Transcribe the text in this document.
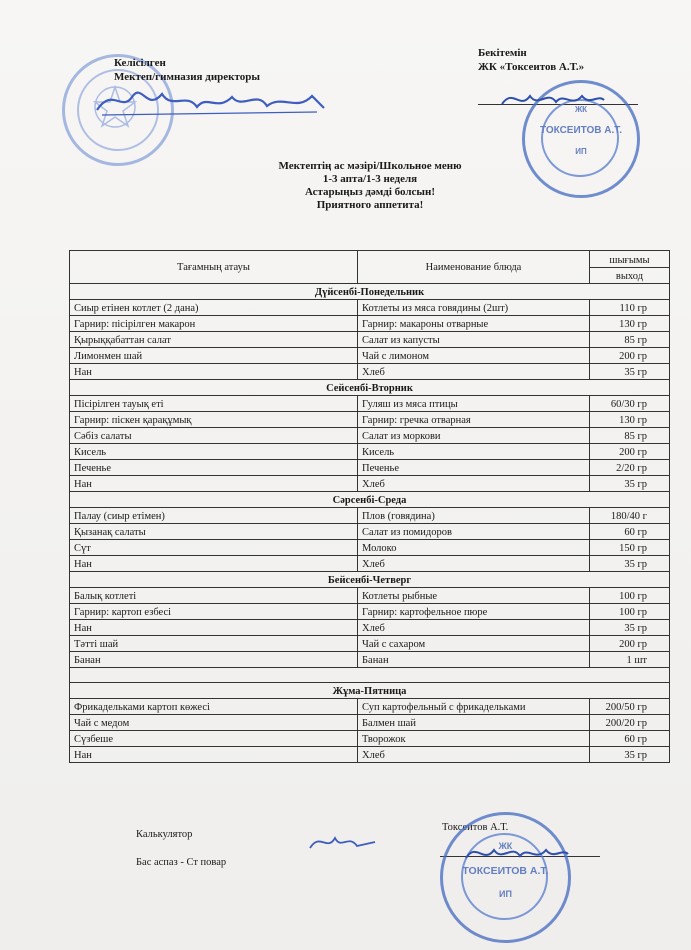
Келісілген
Мектеп/гимназия директоры
Бекітемін
ЖК «Токсеитов А.Т.»
ЖК
ТОКСЕИТОВ А.Т.
ИП
Мектептің ас мәзірі/Школьное меню
1-3 апта/1-3 неделя
Астарыңыз дәмді болсын!
Приятного аппетита!
Тағамның атауы	Наименование блюда	шығымы
		выход
Дүйсенбі-Понедельник		
Сиыр етінен котлет (2 дана)	Котлеты из мяса говядины (2шт)	110 гр
Гарнир: пісірілген макарон	Гарнир: макароны отварные	130 гр
Қырыққабаттан салат	Салат из капусты	85 гр
Лимонмен шай	Чай с лимоном	200 гр
Нан	Хлеб	35 гр
Сейсенбі-Вторник		
Пісірілген тауық еті	Гуляш из мяса птицы	60/30 гр
Гарнир: піскен қарақұмық	Гарнир: гречка отварная	130 гр
Сәбіз салаты	Салат из моркови	85 гр
Кисель	Кисель	200 гр
Печенье	Печенье	2/20 гр
Нан	Хлеб	35 гр
Сәрсенбі-Среда		
Палау (сиыр етімен)	Плов (говядина)	180/40 г
Қызанақ салаты	Салат из помидоров	60 гр
Сүт	Молоко	150 гр
Нан	Хлеб	35 гр
Бейсенбі-Четверг		
Балық котлеті	Котлеты рыбные	100 гр
Гарнир: картоп езбесі	Гарнир: картофельное пюре	100 гр
Нан	Хлеб	35 гр
Тәтті шай	Чай с сахаром	200 гр
Банан	Банан	1 шт

Жұма-Пятница		
Фрикадельками картоп көжесі	Суп картофельный с фрикадельками	200/50 гр
Чай с медом	Балмен шай	200/20 гр
Сүзбеше	Творожок	60 гр
Нан	Хлеб	35 гр
Калькулятор
Бас аспаз - Ст повар
Токсеитов А.Т.
ЖК
ТОКСЕИТОВ А.Т.
ИП
